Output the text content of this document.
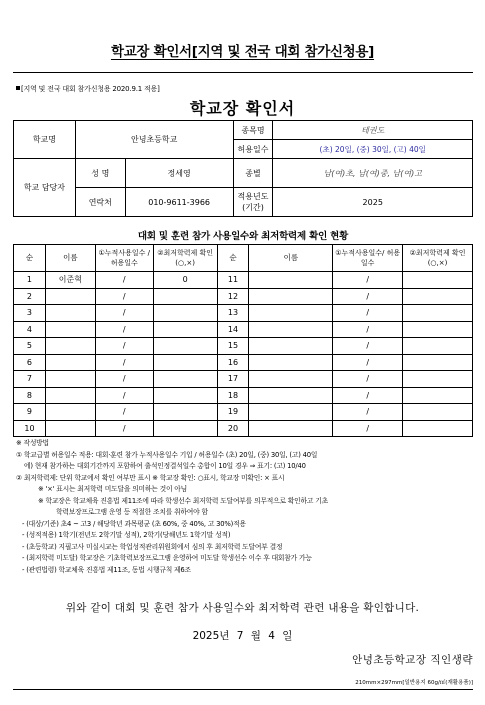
학교장 확인서[지역 및 전국 대회 참가신청용]
[지역 및 전국 대회 참가신청용 2020.9.1 적용]
학교장 확인서
학교명	안녕초등학교		종목명	테권도
			허용일수	(초) 20일, (중) 30일, (고) 40일
학교 담당자	성 명	정세영	종별	남(여)초, 남(여)중, 남(여)고
	연락처	010-9611-3966	적용년도 (기간)	2025
대회 및 훈련 참가 사용일수와 최저학력제 확인 현황
순	이름	①누적사용일수 /허용일수	②최저학력제 확인(○,×)	순	이름	①누적사용일수/ 허용일수	②최저학력제 확인(○,×)
1	이준혁	/	0	11		/	
2		/		12		/	
3		/		13		/	
4		/		14		/	
5		/		15		/	
6		/		16		/	
7		/		17		/	
8		/		18		/	
9		/		19		/	
10		/		20		/	
※ 작성방법
① 학교급별 허용일수 적용: 대회·훈련 참가 누적사용일수 기입 / 허용일수 (초) 20일, (중) 30일, (고) 40일
에) 현재 참가하는 대회기간까지 포함하여 출석인정결석일수 총합이 10일 경우 ⇒ 표기: (고) 10/40
② 최저학력제: 단위 학교에서 확인 여부만 표시 ※ 학교장 확인: ○표시, 학교장 미확인: × 표시
※ '×' 표시는 최저학력 미도달을 의미하는 것이 아님
※ 학교장은 학교체육 진흥법 제11조에 따라 학생선수 최저학력 도달여부를 의무적으로 확인하고 기초
학력보장프로그램 운영 등 적절한 조치를 취하여야 함
- (대상/기준) 초4 ~ 고3 / 해당학년 과목평균 (초 60%, 중 40%, 고 30%)적용
- (성적적용) 1학기(전년도 2학기말 성적), 2학기(당해년도 1학기말 성적)
- (초등학교) 지필고사 미실시교는 학업성적관리위원회에서 심의 후 최저학력 도달여부 결정
- (최저학력 미도달) 학교장은 기초학력보장프로그램 운영하여 미도달 학생선수 이수 후 대회참가 가능
- (관련법령) 학교체육 진흥법 제11조, 동법 시행규칙 제6조
위와 같이 대회 및 훈련 참가 사용일수와 최저학력 관련 내용을 확인합니다.
2025년 7 월 4 일
안녕초등학교장 직인생략
210mm×297mm[일반용지 60g/㎡(재활용품)]
